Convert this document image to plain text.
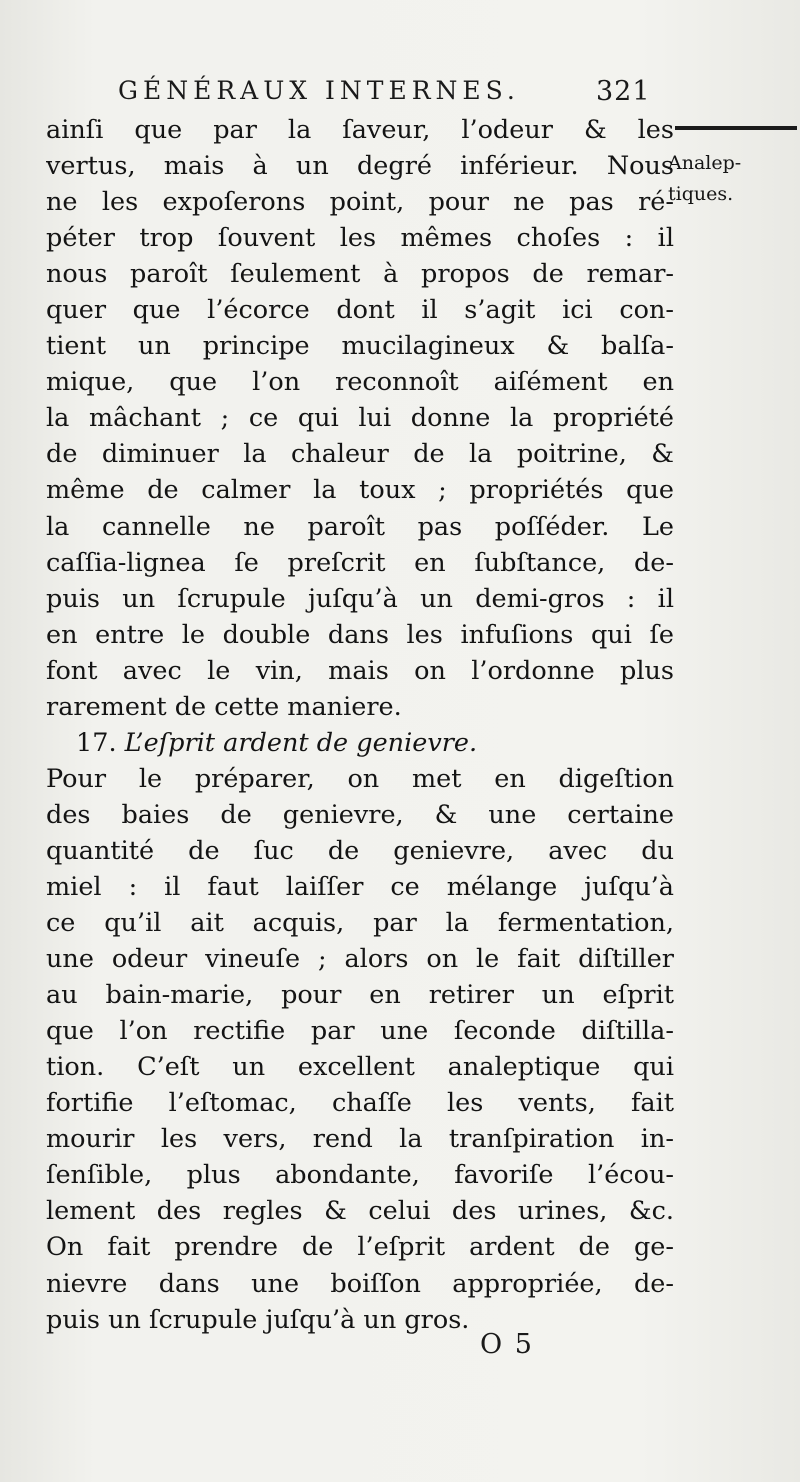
GÉNÉRAUX INTERNES.	321
Analep-
tiques.
ainſi que par la ſaveur, l’odeur & les
vertus, mais à un degré inférieur. Nous
ne les expoſerons point, pour ne pas ré-
péter trop ſouvent les mêmes choſes : il
nous paroît ſeulement à propos de remar-
quer que l’écorce dont il s’agit ici con-
tient un principe mucilagineux & balſa-
mique, que l’on reconnoît aiſément en
la mâchant ; ce qui lui donne la propriété
de diminuer la chaleur de la poitrine, &
même de calmer la toux ; propriétés que
la cannelle ne paroît pas poſſéder. Le
caſſia-lignea ſe preſcrit en ſubſtance, de-
puis un ſcrupule juſqu’à un demi-gros : il
en entre le double dans les infuſions qui ſe
font avec le vin, mais on l’ordonne plus
rarement de cette maniere.
17. L’eſprit ardent de genievre.
Pour le préparer, on met en digeſtion
des baies de genievre, & une certaine
quantité de ſuc de genievre, avec du
miel : il faut laiſſer ce mélange juſqu’à
ce qu’il ait acquis, par la fermentation,
une odeur vineuſe ; alors on le fait diſtiller
au bain-marie, pour en retirer un eſprit
que l’on rectifie par une ſeconde diſtilla-
tion. C’eſt un excellent analeptique qui
fortifie l’eſtomac, chaſſe les vents, fait
mourir les vers, rend la tranſpiration in-
ſenſible, plus abondante, favoriſe l’écou-
lement des regles & celui des urines, &c.
On fait prendre de l’eſprit ardent de ge-
nievre dans une boiſſon appropriée, de-
puis un ſcrupule juſqu’à un gros.
O 5
